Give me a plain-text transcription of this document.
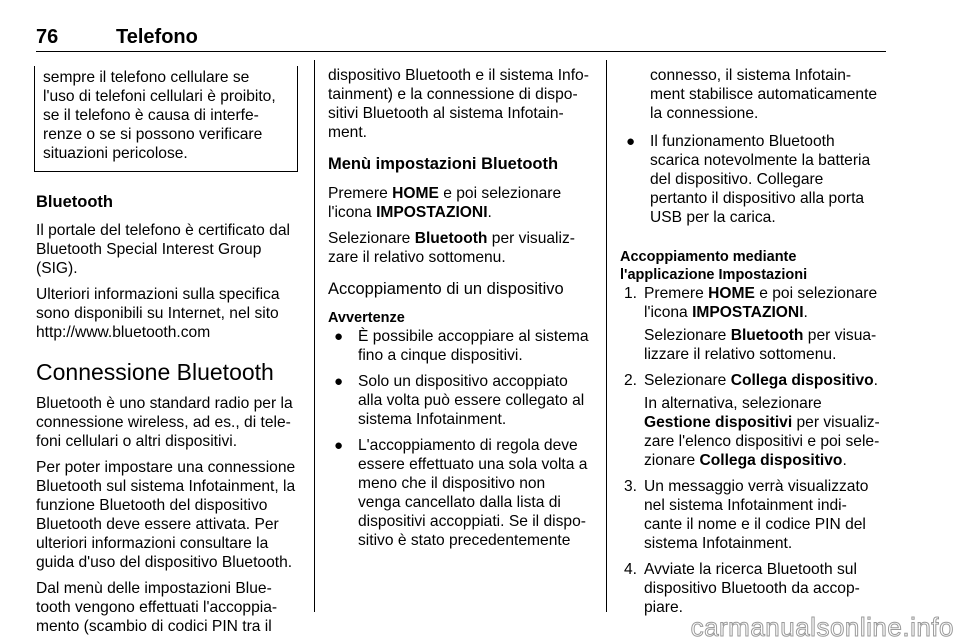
76	Telefono

sempre il telefono cellulare se

l'uso di telefoni cellulari è proibito,

se il telefono è causa di interfe-

renze o se si possono verificare

situazioni pericolose.

Bluetooth

Il portale del telefono è certificato dal Bluetooth Special Interest Group (SIG).

Ulteriori informazioni sulla specifica sono disponibili su Internet, nel sito http://www.bluetooth.com

Connessione Bluetooth

Bluetooth è uno standard radio per la connessione wireless, ad es., di tele-foni cellulari o altri dispositivi.

Per poter impostare una connessione Bluetooth sul sistema Infotainment, la funzione Bluetooth del dispositivo Bluetooth deve essere attivata. Per ulteriori informazioni consultare la guida d'uso del dispositivo Bluetooth.

Dal menù delle impostazioni Blue-tooth vengono effettuati l'accoppia-mento (scambio di codici PIN tra il

dispositivo Bluetooth e il sistema Info-tainment) e la connessione di dispo-sitivi Bluetooth al sistema Infotain-ment.

Menù impostazioni Bluetooth

Premere HOME e poi selezionare l'icona IMPOSTAZIONI.

Selezionare Bluetooth per visualiz-zare il relativo sottomenu.

Accoppiamento di un dispositivo
Avvertenze
● È possibile accoppiare al sistema fino a cinque dispositivi.
● Solo un dispositivo accoppiato alla volta può essere collegato al sistema Infotainment.
● L'accoppiamento di regola deve essere effettuato una sola volta a meno che il dispositivo non venga cancellato dalla lista di dispositivi accoppiati. Se il dispo-sitivo è stato precedentemente
connesso, il sistema Infotain-ment stabilisce automaticamente la connessione.
● Il funzionamento Bluetooth scarica notevolmente la batteria del dispositivo. Collegare pertanto il dispositivo alla porta USB per la carica.
Accoppiamento mediante
l'applicazione Impostazioni
1. Premere HOME e poi selezionare l'icona IMPOSTAZIONI.

Selezionare Bluetooth per visua-lizzare il relativo sottomenu.

2. Selezionare Collega dispositivo.

In alternativa, selezionare Gestione dispositivi per visualiz-zare l'elenco dispositivi e poi sele-zionare Collega dispositivo.

3. Un messaggio verrà visualizzato nel sistema Infotainment indi-cante il nome e il codice PIN del sistema Infotainment.
4. Avviate la ricerca Bluetooth sul dispositivo Bluetooth da accop-piare.
carmanualsonline.info
